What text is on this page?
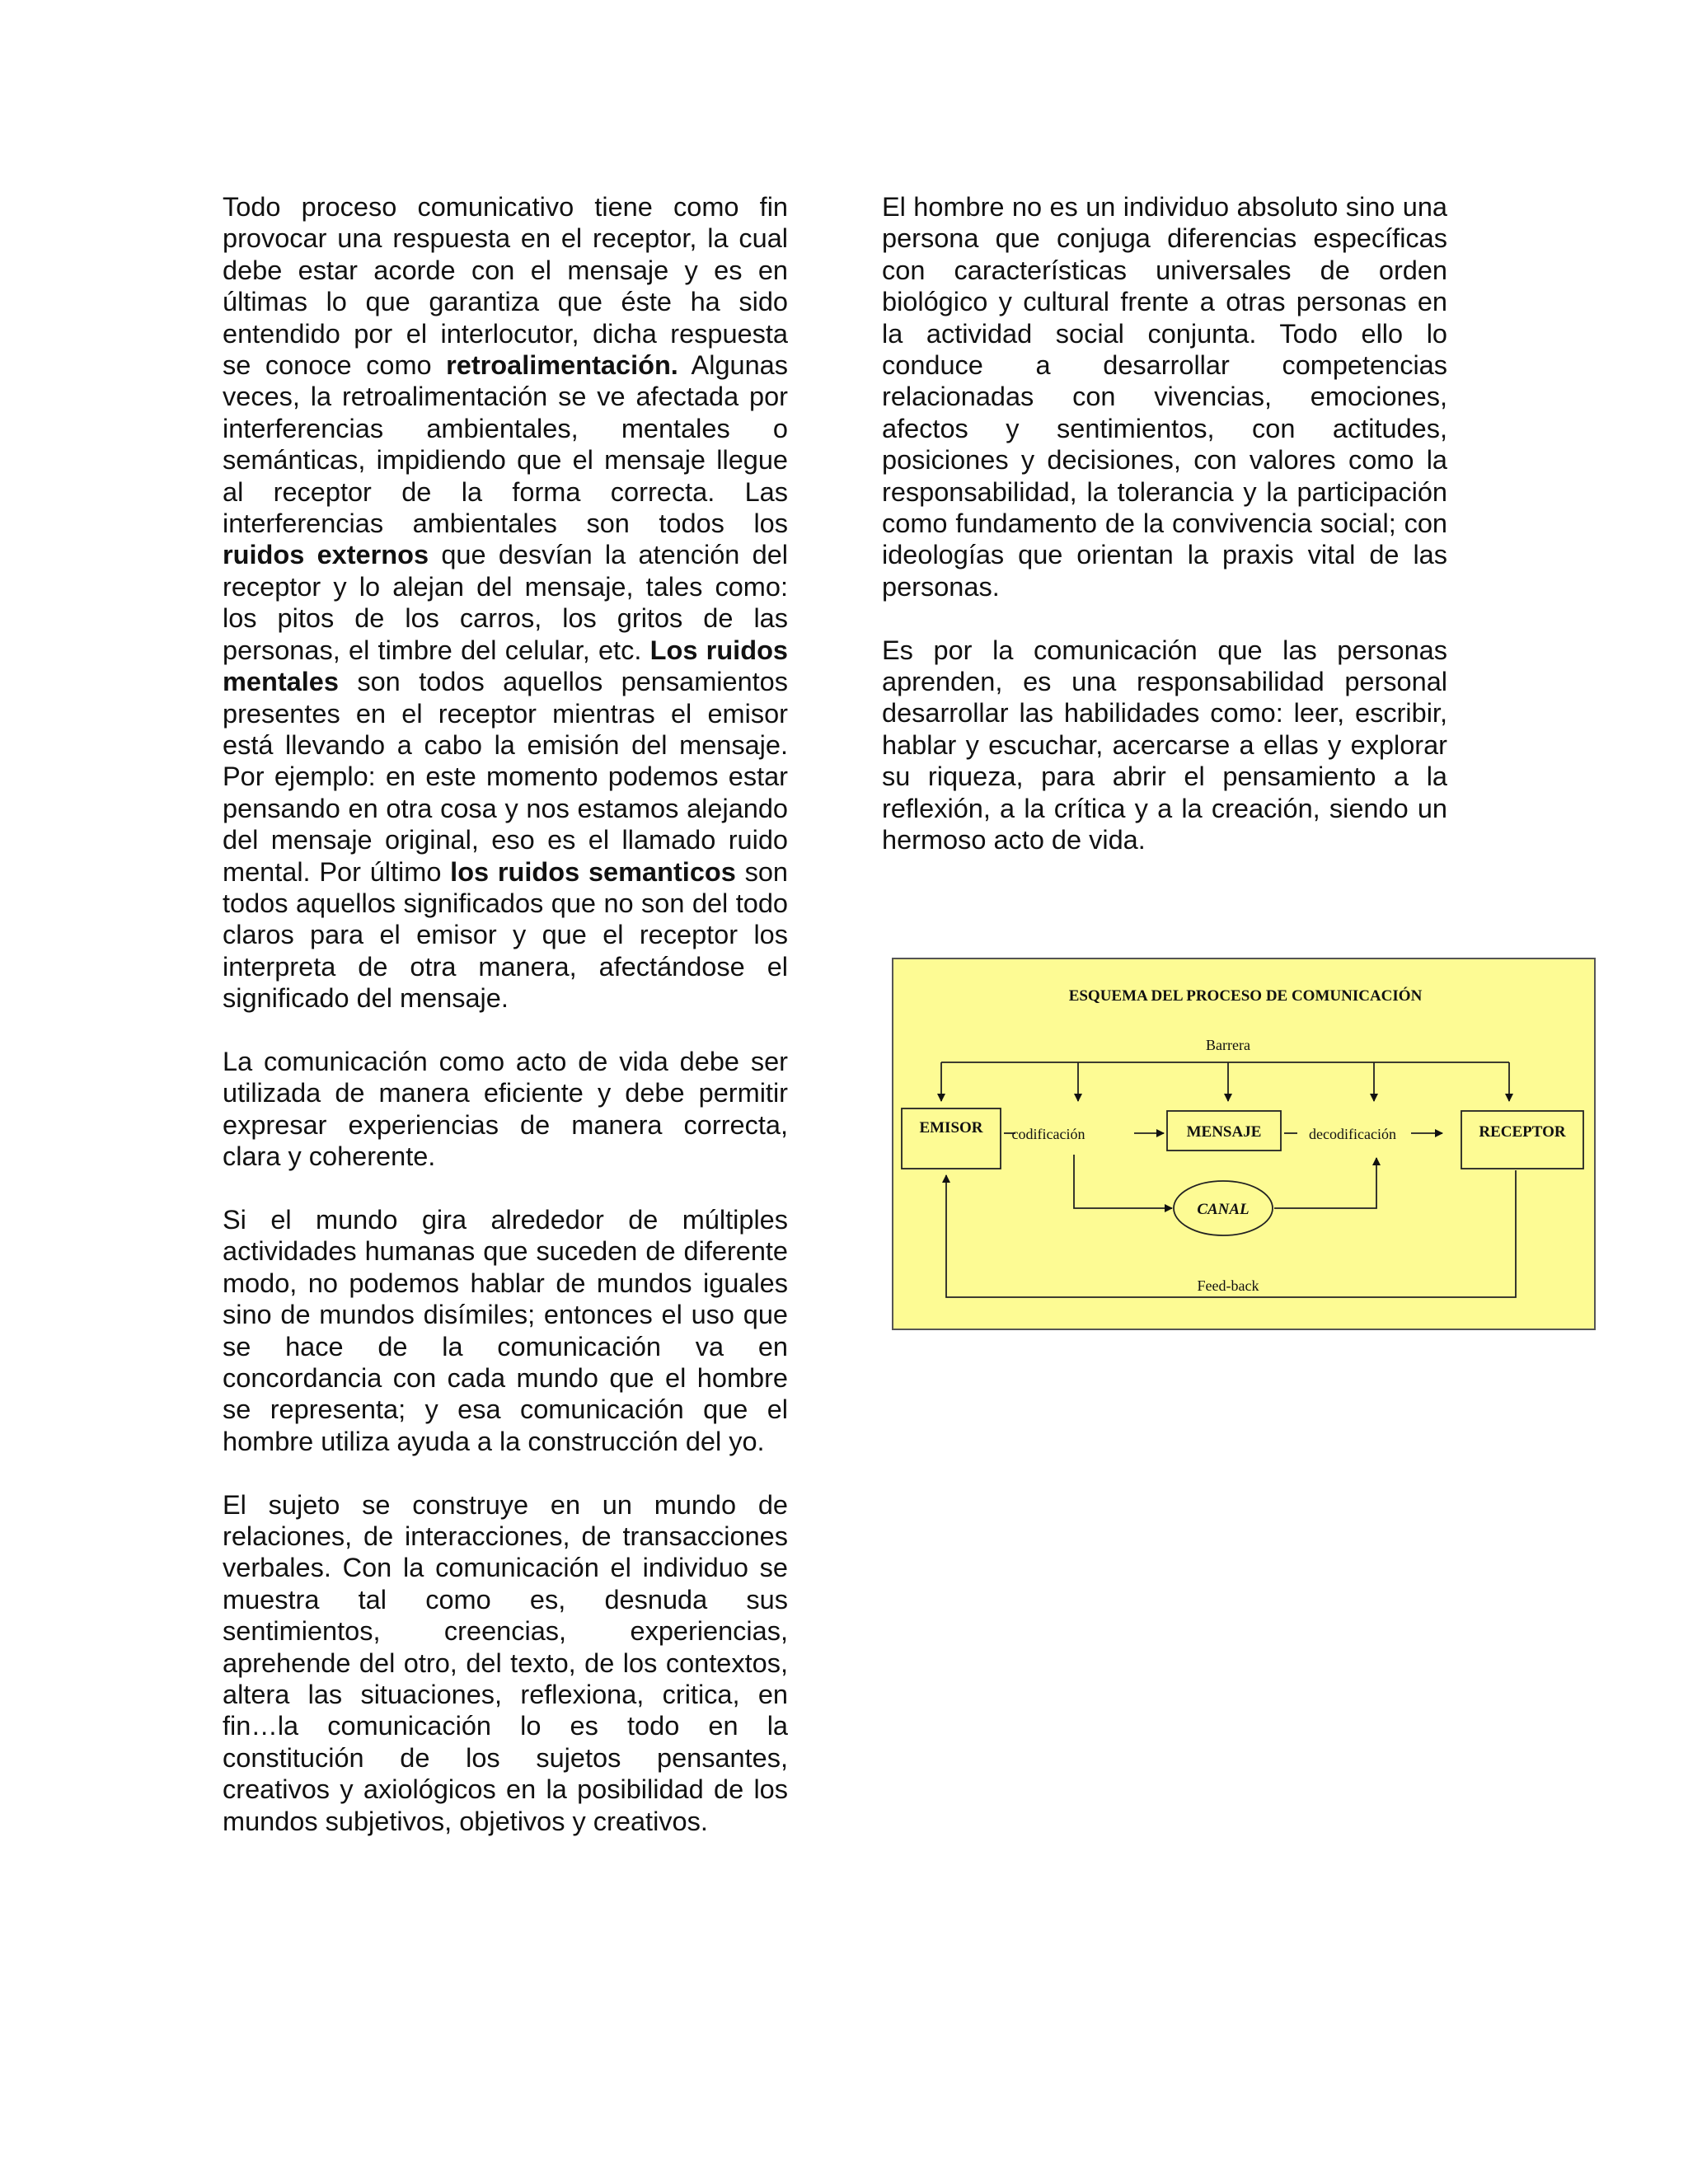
Todo proceso comunicativo tiene como fin provocar una respuesta en el receptor, la cual debe estar acorde con el mensaje y es en últimas lo que garantiza que éste ha sido entendido por el interlocutor, dicha respuesta se conoce como retroalimentación. Algunas veces, la retroalimentación se ve afectada por interferencias ambientales, mentales o semánticas, impidiendo que el mensaje llegue al receptor de la forma correcta. Las interferencias ambientales son todos los ruidos externos que desvían la atención del receptor y lo alejan del mensaje, tales como: los pitos de los carros, los gritos de las personas, el timbre del celular, etc. Los ruidos mentales son todos aquellos pensamientos presentes en el receptor mientras el emisor está llevando a cabo la emisión del mensaje. Por ejemplo: en este momento podemos estar pensando en otra cosa y nos estamos alejando del mensaje original, eso es el llamado ruido mental. Por último los ruidos semanticos son todos aquellos significados que no son del todo claros para el emisor y que el receptor los interpreta de otra manera, afectándose el significado del mensaje.

La comunicación como acto de vida debe ser utilizada de manera eficiente y debe permitir expresar experiencias de manera correcta, clara y coherente.

Si el mundo gira alrededor de múltiples actividades humanas que suceden de diferente modo, no podemos hablar de mundos iguales sino de mundos disímiles; entonces el uso que se hace de la comunicación va en concordancia con cada mundo que el hombre se representa; y esa comunicación que el hombre utiliza ayuda a la construcción del yo.

El sujeto se construye en un mundo de relaciones, de interacciones, de transacciones verbales. Con la comunicación el individuo se muestra tal como es, desnuda sus sentimientos, creencias, experiencias, aprehende del otro, del texto, de los contextos, altera las situaciones, reflexiona, critica, en fin…la comunicación lo es todo en la constitución de los sujetos pensantes, creativos y axiológicos en la posibilidad de los mundos subjetivos, objetivos y creativos.

El hombre no es un individuo absoluto sino una persona que conjuga diferencias específicas con características universales de orden biológico y cultural frente a otras personas en la actividad social conjunta. Todo ello lo conduce a desarrollar competencias relacionadas con vivencias, emociones, afectos y sentimientos, con actitudes, posiciones y decisiones, con valores como la responsabilidad, la tolerancia y la participación como fundamento de la convivencia social; con ideologías que orientan la praxis vital de las personas.

Es por la comunicación que las personas aprenden, es una responsabilidad personal desarrollar las habilidades como: leer, escribir, hablar y escuchar, acercarse a ellas y explorar su riqueza, para abrir el pensamiento a la reflexión, a la crítica y a la creación, siendo un hermoso acto de vida.

ESQUEMA DEL PROCESO DE COMUNICACIÓN
Barrera
EMISOR codificación	MENSAJE	decodificación	RECEPTOR
CANAL
Feed-back
